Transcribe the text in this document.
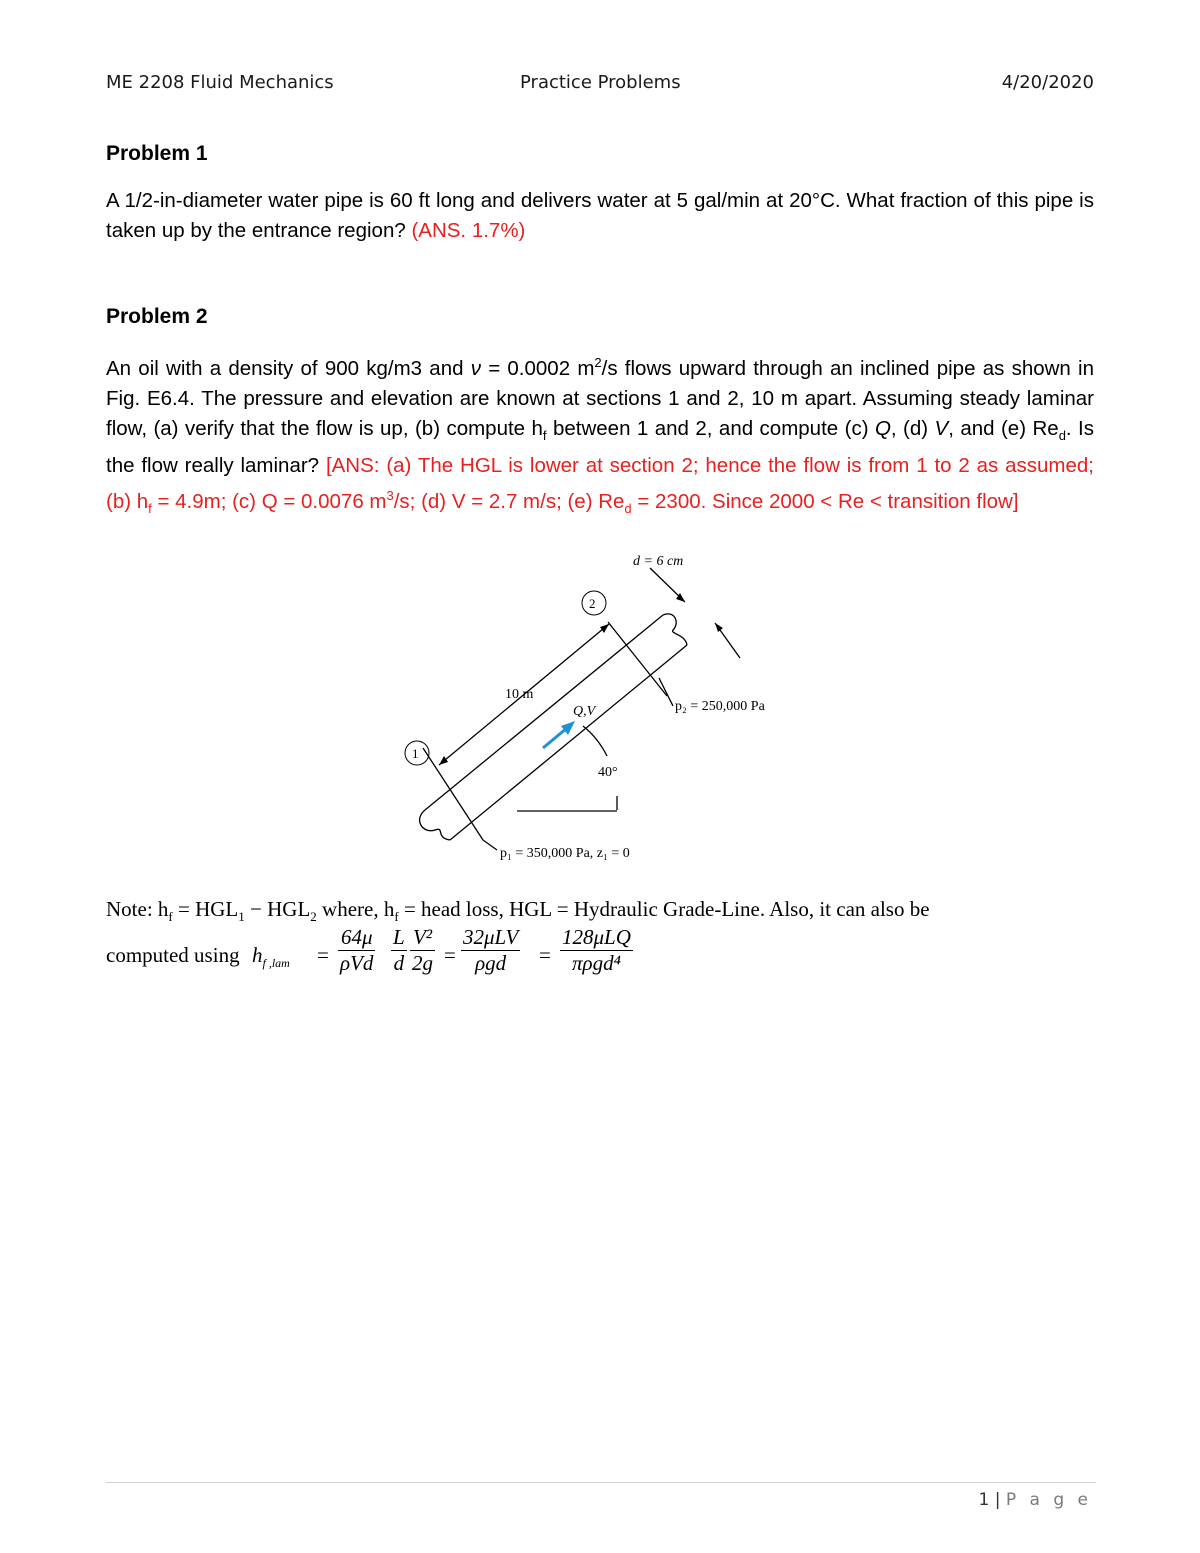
ME 2208 Fluid Mechanics	Practice Problems	4/20/2020
Problem 1
A 1/2-in-diameter water pipe is 60 ft long and delivers water at 5 gal/min at 20°C. What fraction of this pipe is taken up by the entrance region? (ANS. 1.7%)
Problem 2
An oil with a density of 900 kg/m3 and ν = 0.0002 $m^2/s$ flows upward through an inclined pipe as shown in Fig. E6.4. The pressure and elevation are known at sections 1 and 2, 10 m apart. Assuming steady laminar flow, (a) verify that the flow is up, (b) compute $h_f$ between 1 and 2, and compute (c) Q, (d) V, and (e) $Re_d$. Is the flow really laminar? [ANS: (a) The HGL is lower at section 2; hence the flow is from 1 to 2 as assumed; (b) $h_f = 4.9m$; (c) Q = 0.0076 $m^3/s$; (d) V = 2.7 m/s; (e) $Re_d = 2300$. Since 2000 < Re < transition flow]
d = 6 cm
2
1
10 m
Q,V	p₂ = 250,000 Pa
40°
p₁ = 350,000 Pa, z₁ = 0
Note: $h_f = HGL_1 - HGL_2$ where, $h_f$ = head loss, HGL = Hydraulic Grade-Line. Also, it can also be
computed using $h_{f ,lam}$ =
64μ
ρVd $\frac{L}{d} \frac{\text{V²}}{2g}$ =
32μLV
ρgd	=
128μLQ
πρgd⁴
1 | P a g e
